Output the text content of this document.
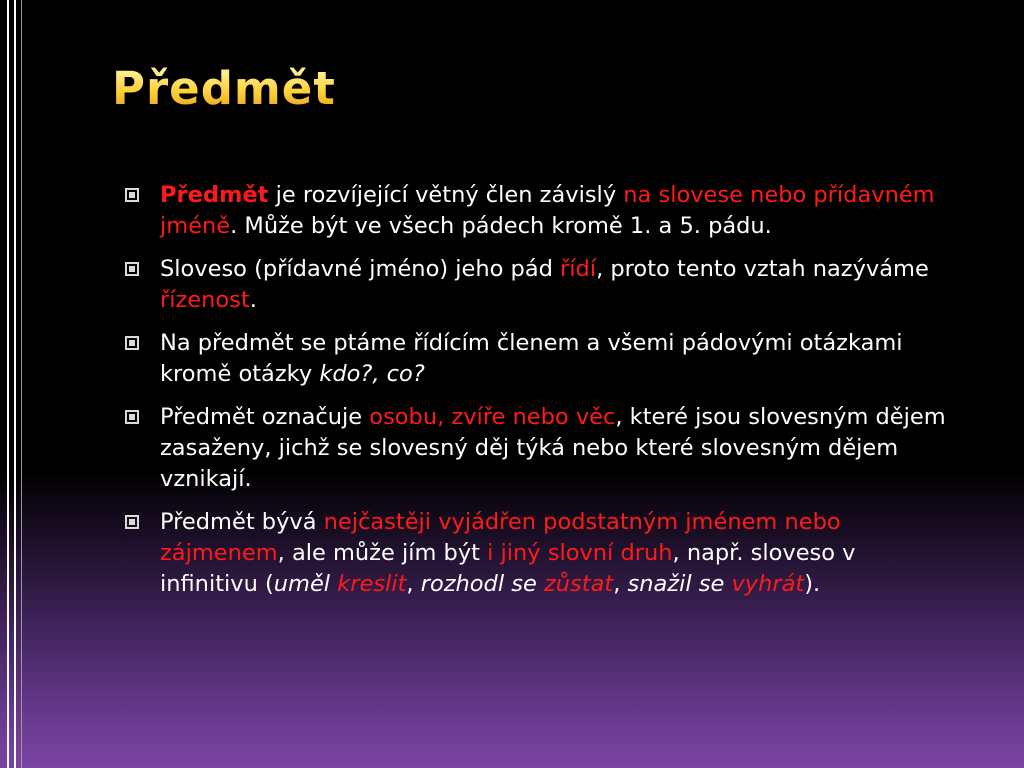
Předmět
Předmět je rozvíjející větný člen závislý na slovese nebo přídavném jméně. Může být ve všech pádech kromě 1. a 5. pádu.
Sloveso (přídavné jméno) jeho pád řídí, proto tento vztah nazýváme řízenost.
Na předmět se ptáme řídícím členem a všemi pádovými otázkami kromě otázky kdo?, co?
Předmět označuje osobu, zvíře nebo věc, které jsou slovesným dějem zasaženy, jichž se slovesný děj týká nebo které slovesným dějem vznikají.
Předmět bývá nejčastěji vyjádřen podstatným jménem nebo zájmenem, ale může jím být i jiný slovní druh, např. sloveso v infinitivu (uměl kreslit, rozhodl se zůstat, snažil se vyhrát).
